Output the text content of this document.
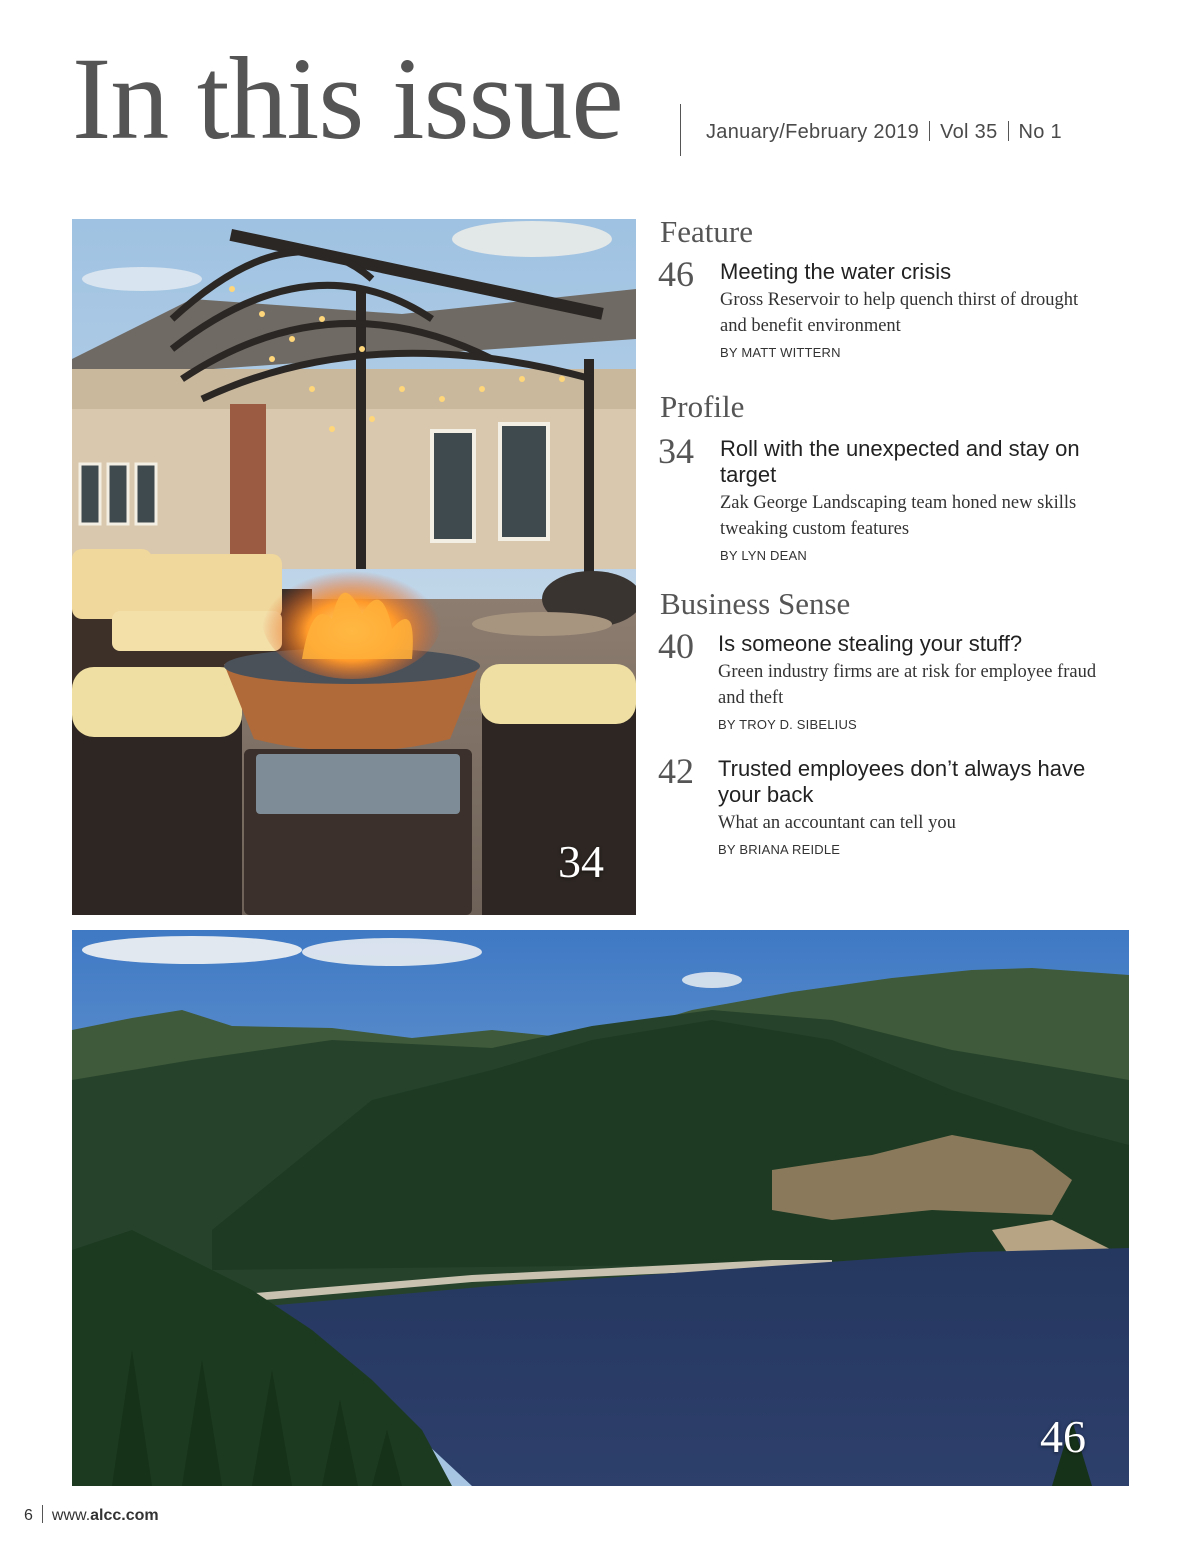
In this issue	January/February 2019 Vol 35 No 1
34
46
Feature
46 Meeting the water crisis
Gross Reservoir to help quench thirst of drought and benefit environment
BY MATT WITTERN
Profile
34 Roll with the unexpected and stay on target
Zak George Landscaping team honed new skills tweaking custom features
BY LYN DEAN
Business Sense
40 Is someone stealing your stuff?
Green industry firms are at risk for employee fraud and theft
BY TROY D. SIBELIUS
42 Trusted employees don’t always have your back
What an accountant can tell you
BY BRIANA REIDLE
6 www.alcc.com
